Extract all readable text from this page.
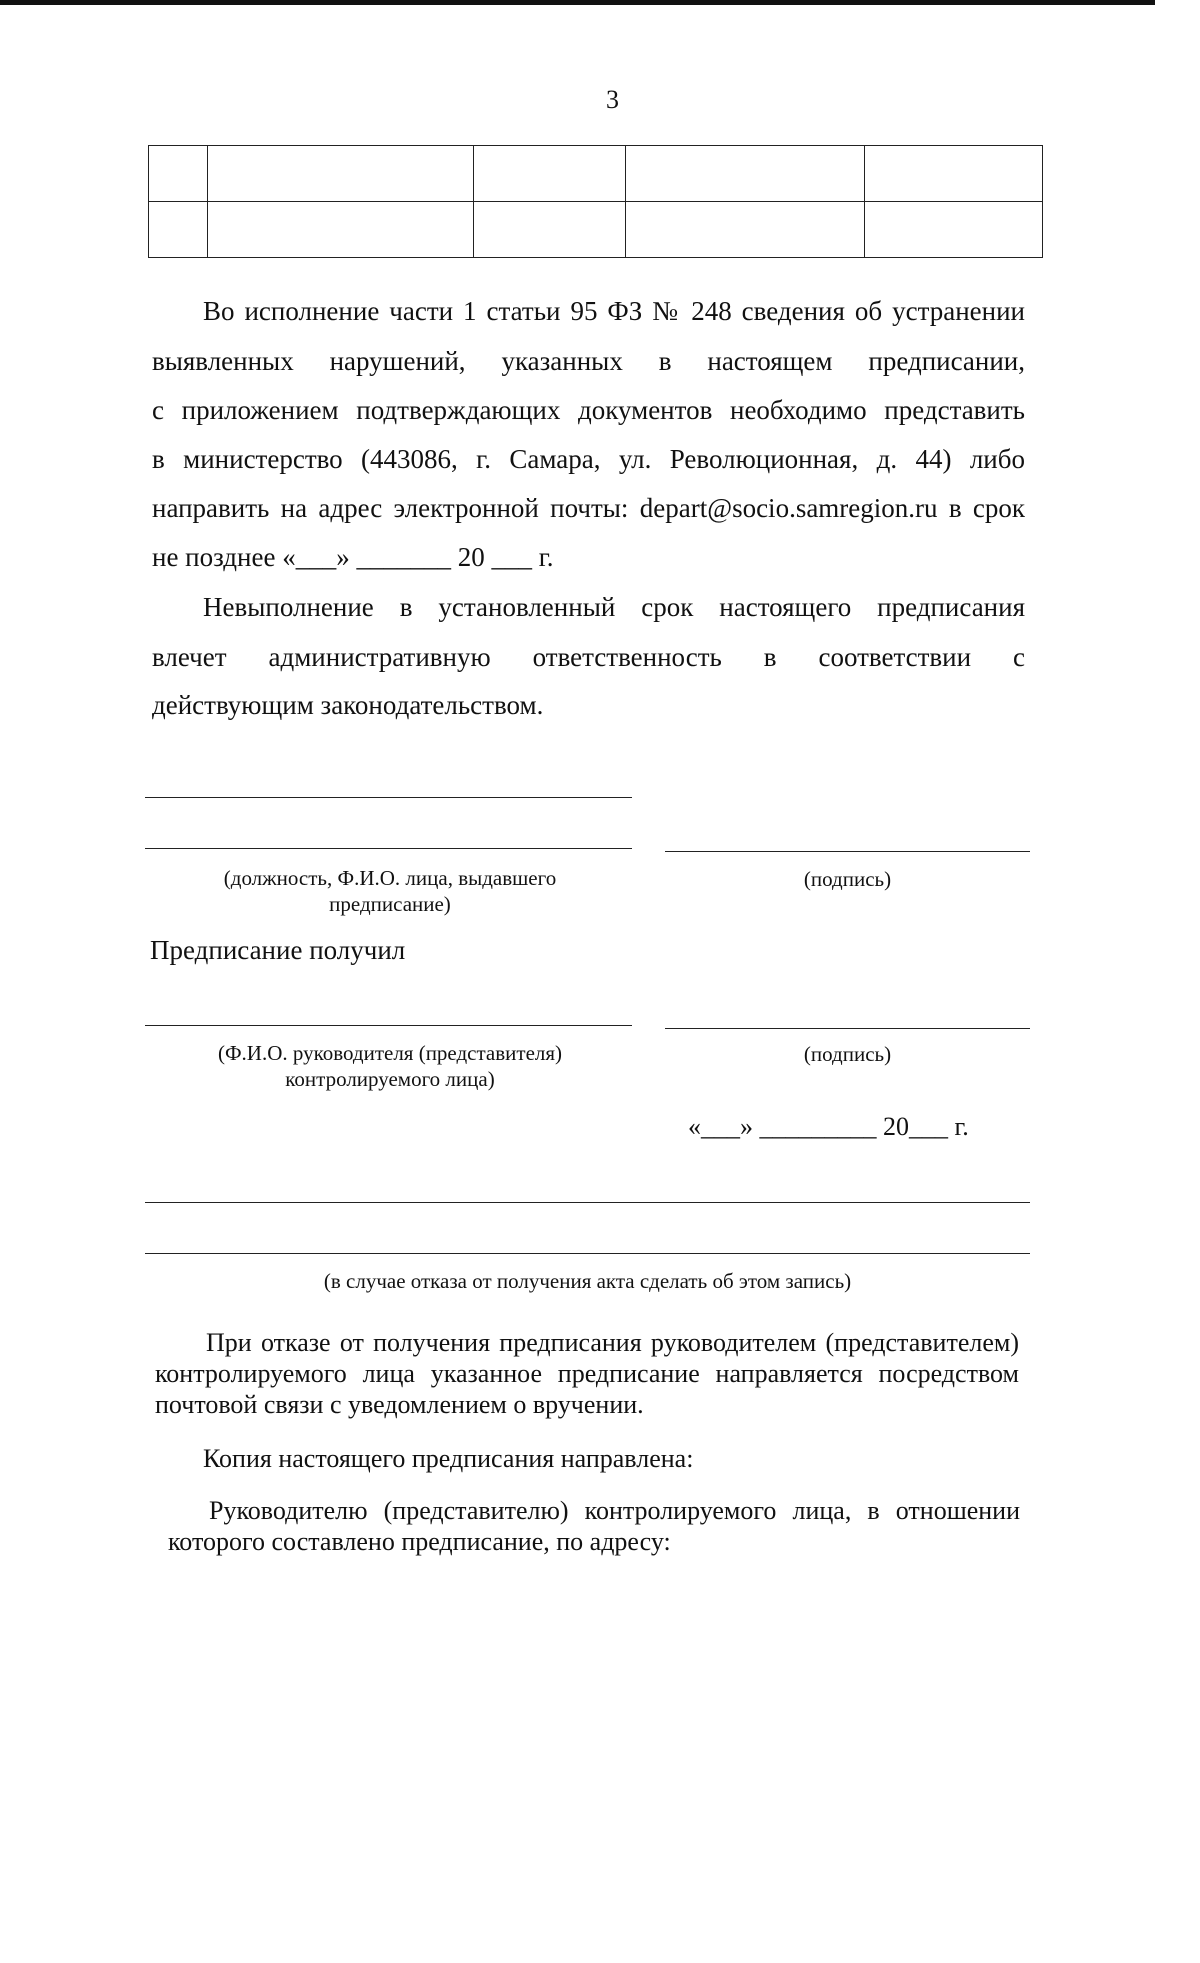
3

Во исполнение части 1 статьи 95 ФЗ № 248 сведения об устранении

выявленных нарушений, указанных в настоящем предписании,

с приложением подтверждающих документов необходимо представить

в министерство (443086, г. Самара, ул. Революционная, д. 44) либо

направить на адрес электронной почты: depart@socio.samregion.ru в срок

не позднее «___» _______ 20 ___ г.

Невыполнение в установленный срок настоящего предписания

влечет административную ответственность в соответствии с

действующим законодательством.

(должность, Ф.И.О. лица, выдавшего предписание)
(подпись)
Предписание получил
(Ф.И.О. руководителя (представителя) контролируемого лица)
(подпись)
«___» _________ 20___ г.
(в случае отказа от получения акта сделать об этом запись)

При отказе от получения предписания руководителем (представителем) контролируемого лица указанное предписание направляется посредством почтовой связи с уведомлением о вручении.

Копия настоящего предписания направлена:

Руководителю (представителю) контролируемого лица, в отношении которого составлено предписание, по адресу:
